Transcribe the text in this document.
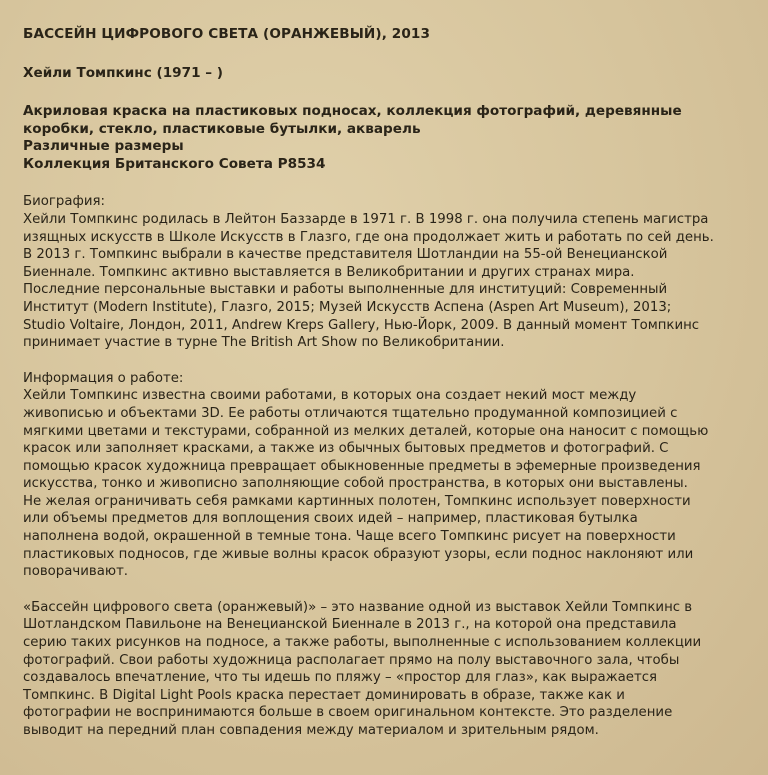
БАССЕЙН ЦИФРОВОГО СВЕТА (ОРАНЖЕВЫЙ), 2013
Хейли Томпкинс (1971 – )
Акриловая краска на пластиковых подносах, коллекция фотографий, деревянные
коробки, стекло, пластиковые бутылки, акварель
Различные размеры
Коллекция Британского Совета P8534
Биография:
Хейли Томпкинс родилась в Лейтон Баззарде в 1971 г. В 1998 г. она получила степень магистра
изящных искусств в Школе Искусств в Глазго, где она продолжает жить и работать по сей день.
В 2013 г. Томпкинс выбрали в качестве представителя Шотландии на 55-ой Венецианской
Биеннале. Томпкинс активно выставляется в Великобритании и других странах мира.
Последние персональные выставки и работы выполненные для институций: Современный
Институт (Modern Institute), Глазго, 2015; Музей Искусств Аспена (Aspen Art Museum), 2013;
Studio Voltaire, Лондон, 2011, Andrew Kreps Gallery, Нью-Йорк, 2009. В данный момент Томпкинс
принимает участие в турне The British Art Show по Великобритании.
Информация о работе:
Хейли Томпкинс известна своими работами, в которых она создает некий мост между
живописью и объектами 3D. Ее работы отличаются тщательно продуманной композицией с
мягкими цветами и текстурами, собранной из мелких деталей, которые она наносит с помощью
красок или заполняет красками, а также из обычных бытовых предметов и фотографий. С
помощью красок художница превращает обыкновенные предметы в эфемерные произведения
искусства, тонко и живописно заполняющие собой пространства, в которых они выставлены.
Не желая ограничивать себя рамками картинных полотен, Томпкинс использует поверхности
или объемы предметов для воплощения своих идей – например, пластиковая бутылка
наполнена водой, окрашенной в темные тона. Чаще всего Томпкинс рисует на поверхности
пластиковых подносов, где живые волны красок образуют узоры, если поднос наклоняют или
поворачивают.
«Бассейн цифрового света (оранжевый)» – это название одной из выставок Хейли Томпкинс в
Шотландском Павильоне на Венецианской Биеннале в 2013 г., на которой она представила
серию таких рисунков на подносе, а также работы, выполненные с использованием коллекции
фотографий. Свои работы художница располагает прямо на полу выставочного зала, чтобы
создавалось впечатление, что ты идешь по пляжу – «простор для глаз», как выражается
Томпкинс. В Digital Light Pools краска перестает доминировать в образе, также как и
фотографии не воспринимаются больше в своем оригинальном контексте. Это разделение
выводит на передний план совпадения между материалом и зрительным рядом.
